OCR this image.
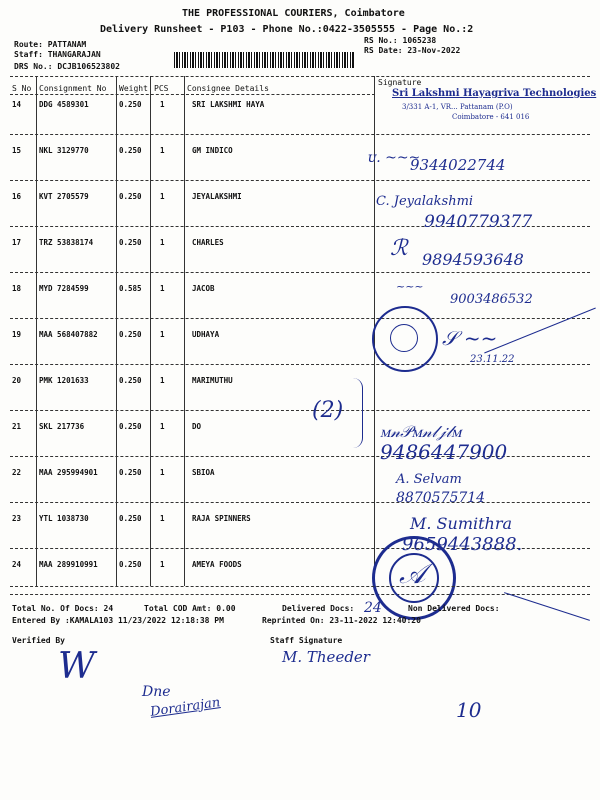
THE PROFESSIONAL COURIERS, Coimbatore
Delivery Runsheet - P103 - Phone No.:0422-3505555 - Page No.:2
Route: PATTANAM
Staff: THANGARAJAN
DRS No.: DCJB106523802
RS No.: 1065238
RS Date: 23-Nov-2022
S No Consignment No Weight PCS Consignee Details
Signature
14 DDG 4589301	0.250 1	SRI LAKSHMI HAYA
15 NKL 3129770	0.250 1	GM INDICO
16 KVT 2705579	0.250 1	JEYALAKSHMI
17 TRZ 53838174	0.250 1	CHARLES
18 MYD 7284599	0.585 1	JACOB
19 MAA 568407882	0.250 1	UDHAYA
20 PMK 1201633	0.250 1	MARIMUTHU
21 SKL 217736	0.250 1	DO
22 MAA 295994901	0.250 1	SBIOA
23 YTL 1038730	0.250 1	RAJA SPINNERS
24 MAA 289910991	0.250 1	AMEYA FOODS
Sri Lakshmi Hayagriva Technologies
3/331 A-1, VR... Pattanam (P.O)
Coimbatore - 641 016
ᴜ. ~~~
9344022744
C. Jeyalakshmi
9940779377
ℛ 9894593648
~~~
9003486532
𝒮 ~~
23.11.22
(2)
ꮇ𝓃𝒫ꮇ𝓃𝓁𝒿𝓁ꮇ
9486447900
A. Selvam
8870575714
M. Sumithra
9659443888.
𝒜
Total No. Of Docs: 24	Total COD Amt: 0.00	Delivered Docs: 24	Non Delivered Docs:
Entered By :KAMALA103 11/23/2022 12:18:38 PM	Reprinted On: 23-11-2022 12:40:20
Verified By	Staff Signature
M. Theeder
W
Dne
Dorairajan	10
